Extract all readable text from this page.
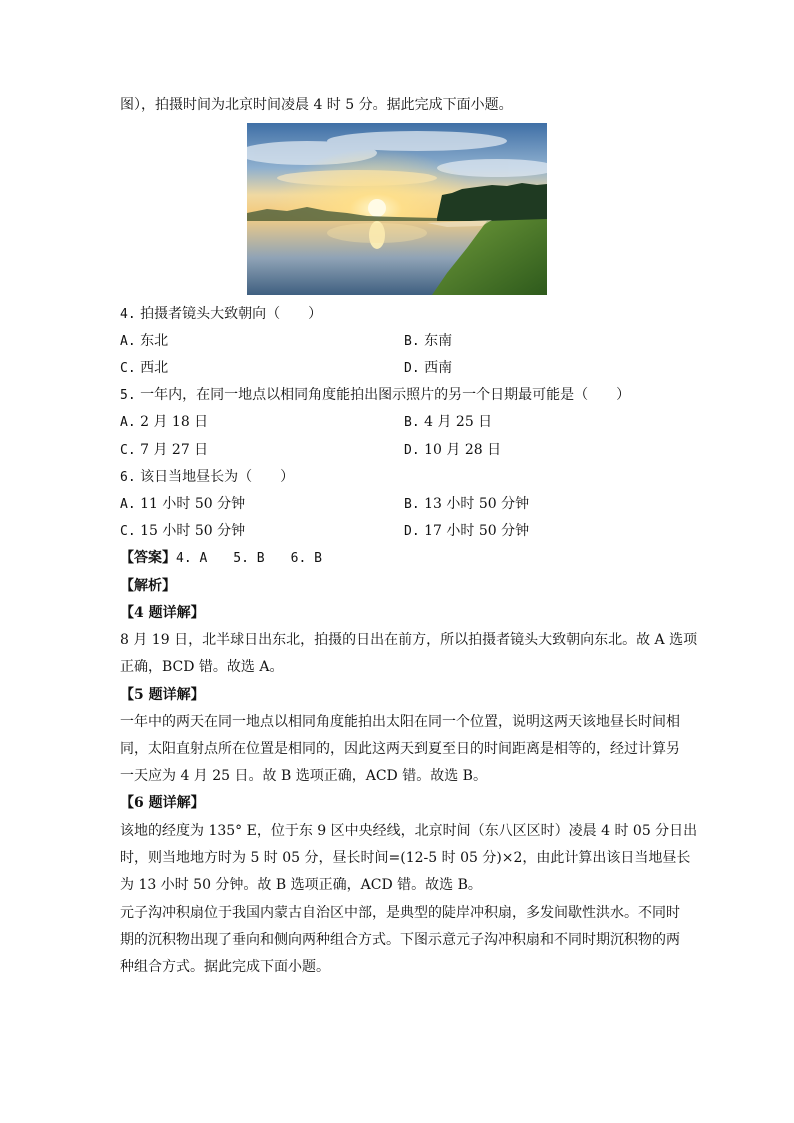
图），拍摄时间为北京时间凌晨 4 时 5 分。据此完成下面小题。
4. 拍摄者镜头大致朝向（　　）
A. 东北	B. 东南
C. 西北	D. 西南
5. 一年内，在同一地点以相同角度能拍出图示照片的另一个日期最可能是（　　）
A. 2 月 18 日	B. 4 月 25 日
C. 7 月 27 日	D. 10 月 28 日
6. 该日当地昼长为（　　）
A. 11 小时 50 分钟	B. 13 小时 50 分钟
C. 15 小时 50 分钟	D. 17 小时 50 分钟
【答案】4. A　　5. B　　6. B
【解析】
【4 题详解】
8 月 19 日，北半球日出东北，拍摄的日出在前方，所以拍摄者镜头大致朝向东北。故 A 选项
正确，BCD 错。故选 A。
【5 题详解】
一年中的两天在同一地点以相同角度能拍出太阳在同一个位置，说明这两天该地昼长时间相
同，太阳直射点所在位置是相同的，因此这两天到夏至日的时间距离是相等的，经过计算另
一天应为 4 月 25 日。故 B 选项正确，ACD 错。故选 B。
【6 题详解】
该地的经度为 135° E，位于东 9 区中央经线，北京时间（东八区区时）凌晨 4 时 05 分日出
时，则当地地方时为 5 时 05 分，昼长时间=(12-5 时 05 分)×2，由此计算出该日当地昼长
为 13 小时 50 分钟。故 B 选项正确，ACD 错。故选 B。
元子沟冲积扇位于我国内蒙古自治区中部，是典型的陡岸冲积扇，多发间歇性洪水。不同时
期的沉积物出现了垂向和侧向两种组合方式。下图示意元子沟冲积扇和不同时期沉积物的两
种组合方式。据此完成下面小题。
